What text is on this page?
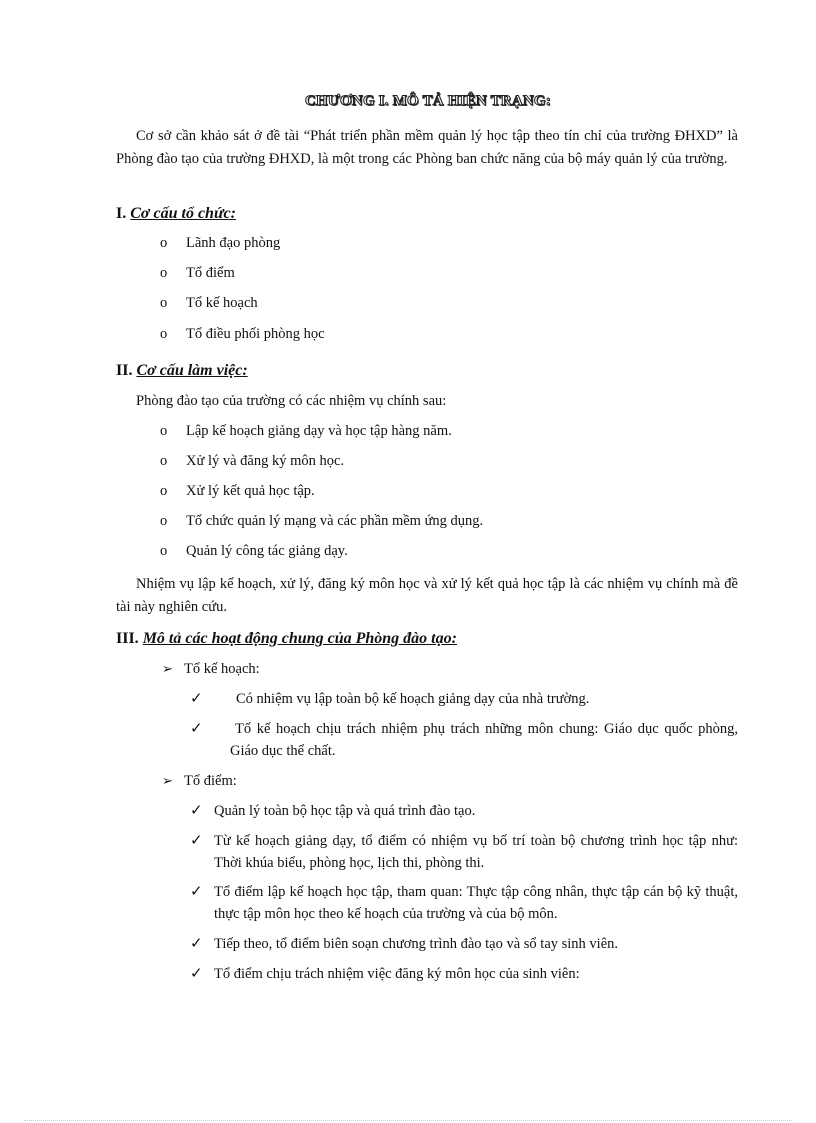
CHƯƠNG I. MÔ TẢ HIỆN TRẠNG:

Cơ sở cần khảo sát ở đề tài “Phát triển phần mềm quản lý học tập theo tín chỉ của trường ĐHXD” là Phòng đào tạo của trường ĐHXD, là một trong các Phòng ban chức năng của bộ máy quản lý của trường.

I. Cơ cấu tổ chức:
o Lãnh đạo phòng
o Tổ điểm
o Tổ kế hoạch
o Tổ điều phối phòng học
II. Cơ cấu làm việc:
Phòng đào tạo của trường có các nhiệm vụ chính sau:
o Lập kế hoạch giảng dạy và học tập hàng năm.
o Xử lý và đăng ký môn học.
o Xử lý kết quả học tập.
o Tổ chức quản lý mạng và các phần mềm ứng dụng.
o Quản lý công tác giảng dạy.

Nhiệm vụ lập kế hoạch, xử lý, đăng ký môn học và xử lý kết quả học tập là các nhiệm vụ chính mà đề tài này nghiên cứu.

III. Mô tả các hoạt động chung của Phòng đào tạo:
➢ Tổ kế hoạch:
✓ Có nhiệm vụ lập toàn bộ kế hoạch giảng dạy của nhà trường.
✓	Tổ kế hoạch chịu trách nhiệm phụ trách những môn chung: Giáo dục quốc phòng, Giáo dục thể chất.
➢ Tổ điểm:
✓ Quản lý toàn bộ học tập và quá trình đào tạo.
✓ Từ kế hoạch giảng dạy, tổ điểm có nhiệm vụ bố trí toàn bộ chương trình học tập như: Thời khúa biểu, phòng học, lịch thi, phòng thi.
✓ Tổ điểm lập kế hoạch học tập, tham quan: Thực tập công nhân, thực tập cán bộ kỹ thuật, thực tập môn học theo kế hoạch của trường và của bộ môn.
✓ Tiếp theo, tổ điểm biên soạn chương trình đào tạo và sổ tay sinh viên.
✓ Tổ điểm chịu trách nhiệm việc đăng ký môn học của sinh viên:
